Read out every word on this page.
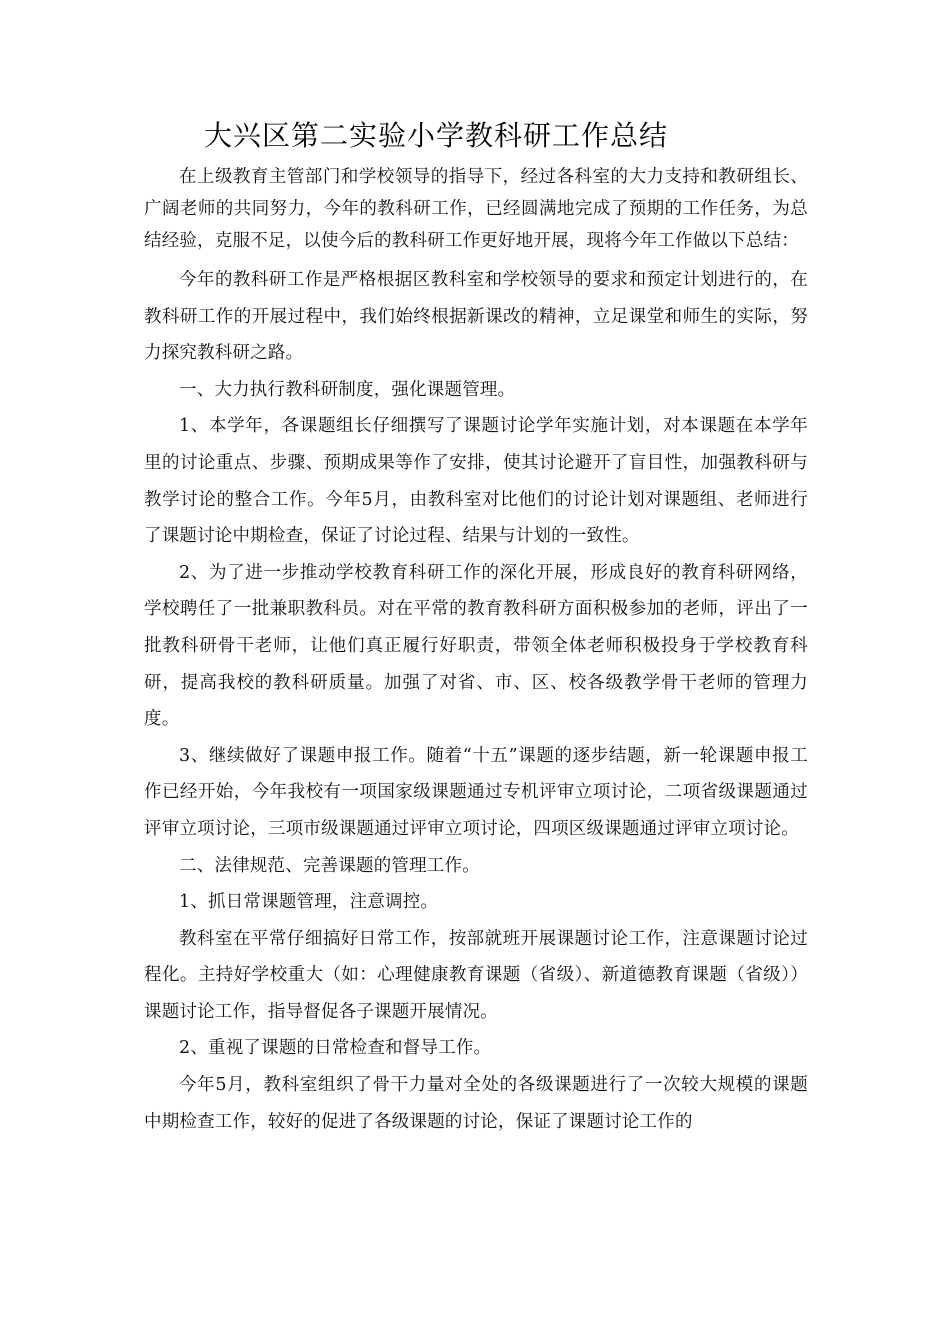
大兴区第二实验小学教科研工作总结

在上级教育主管部门和学校领导的指导下，经过各科室的大力支持和教研组长、广阔老师的共同努力，今年的教科研工作，已经圆满地完成了预期的工作任务，为总结经验，克服不足，以使今后的教科研工作更好地开展，现将今年工作做以下总结：

今年的教科研工作是严格根据区教科室和学校领导的要求和预定计划进行的，在教科研工作的开展过程中，我们始终根据新课改的精神，立足课堂和师生的实际，努力探究教科研之路。

一、大力执行教科研制度，强化课题管理。

1、本学年，各课题组长仔细撰写了课题讨论学年实施计划，对本课题在本学年里的讨论重点、步骤、预期成果等作了安排，使其讨论避开了盲目性，加强教科研与教学讨论的整合工作。今年5月，由教科室对比他们的讨论计划对课题组、老师进行了课题讨论中期检查，保证了讨论过程、结果与计划的一致性。

2、为了进一步推动学校教育科研工作的深化开展，形成良好的教育科研网络，学校聘任了一批兼职教科员。对在平常的教育教科研方面积极参加的老师，评出了一批教科研骨干老师，让他们真正履行好职责，带领全体老师积极投身于学校教育科研，提高我校的教科研质量。加强了对省、市、区、校各级教学骨干老师的管理力度。

3、继续做好了课题申报工作。随着“十五”课题的逐步结题，新一轮课题申报工作已经开始，今年我校有一项国家级课题通过专机评审立项讨论，二项省级课题通过评审立项讨论，三项市级课题通过评审立项讨论，四项区级课题通过评审立项讨论。

二、法律规范、完善课题的管理工作。

1、抓日常课题管理，注意调控。

教科室在平常仔细搞好日常工作，按部就班开展课题讨论工作，注意课题讨论过程化。主持好学校重大（如：心理健康教育课题（省级）、新道德教育课题（省级））课题讨论工作，指导督促各子课题开展情况。

2、重视了课题的日常检查和督导工作。

今年5月，教科室组织了骨干力量对全处的各级课题进行了一次较大规模的课题中期检查工作，较好的促进了各级课题的讨论，保证了课题讨论工作的
